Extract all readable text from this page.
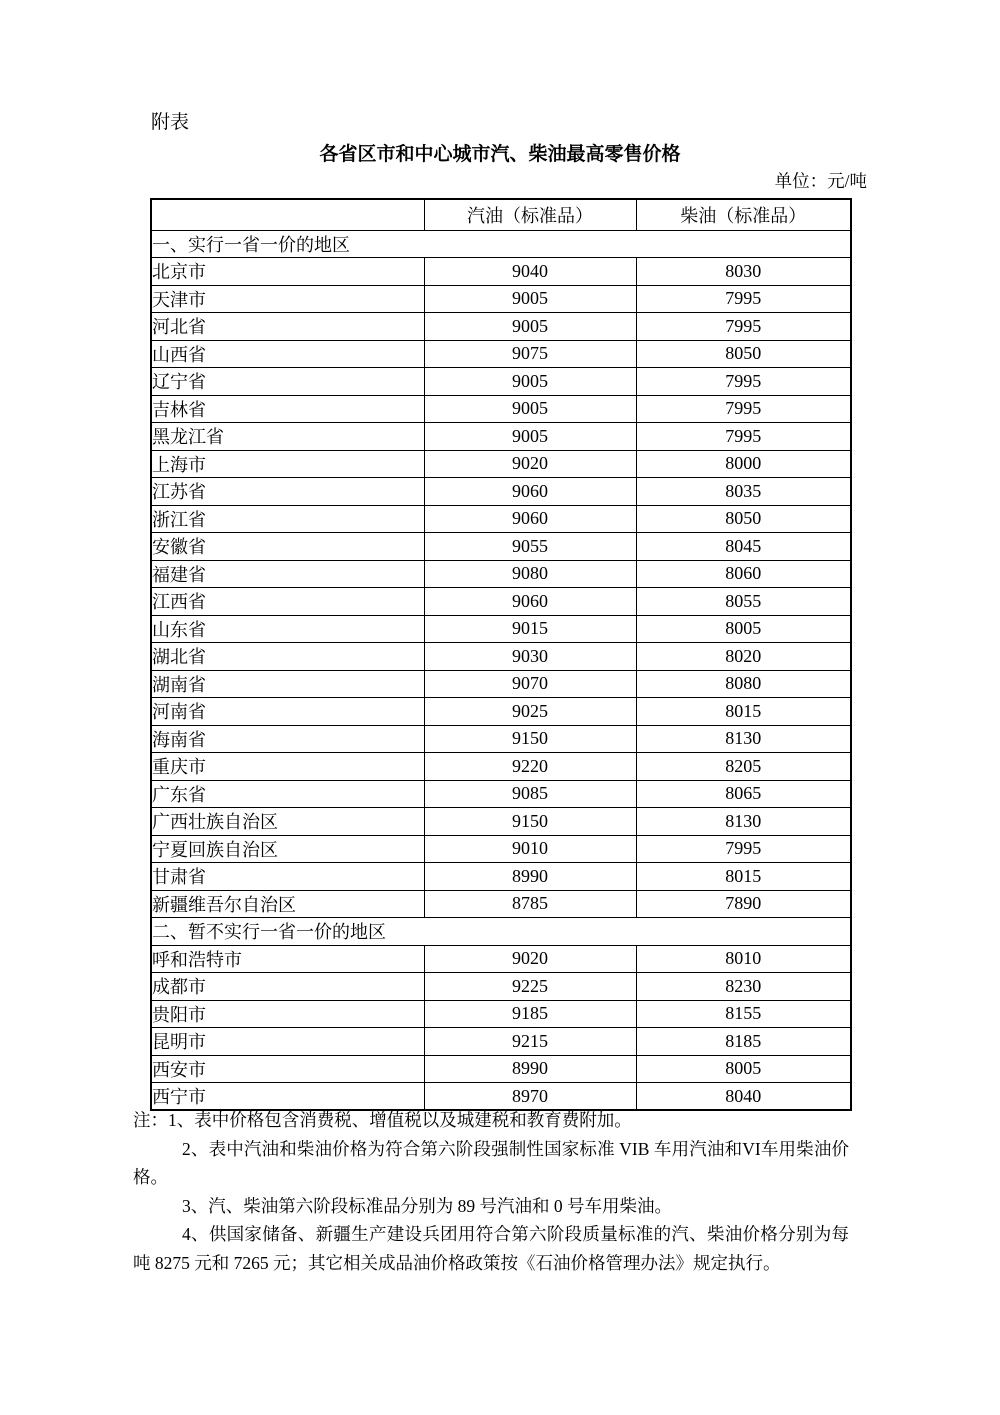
附表
各省区市和中心城市汽、柴油最高零售价格
单位：元/吨
	汽油（标准品）	柴油（标准品）
一、实行一省一价的地区		
北京市	9040	8030
天津市	9005	7995
河北省	9005	7995
山西省	9075	8050
辽宁省	9005	7995
吉林省	9005	7995
黑龙江省	9005	7995
上海市	9020	8000
江苏省	9060	8035
浙江省	9060	8050
安徽省	9055	8045
福建省	9080	8060
江西省	9060	8055
山东省	9015	8005
湖北省	9030	8020
湖南省	9070	8080
河南省	9025	8015
海南省	9150	8130
重庆市	9220	8205
广东省	9085	8065
广西壮族自治区	9150	8130
宁夏回族自治区	9010	7995
甘肃省	8990	8015
新疆维吾尔自治区	8785	7890
二、暂不实行一省一价的地区		
呼和浩特市	9020	8010
成都市	9225	8230
贵阳市	9185	8155
昆明市	9215	8185
西安市	8990	8005
西宁市	8970	8040

注：1、表中价格包含消费税、增值税以及城建税和教育费附加。

2、表中汽油和柴油价格为符合第六阶段强制性国家标准 VIB 车用汽油和VI车用柴油价格。

3、汽、柴油第六阶段标准品分别为 89 号汽油和 0 号车用柴油。

4、供国家储备、新疆生产建设兵团用符合第六阶段质量标准的汽、柴油价格分别为每吨 8275 元和 7265 元；其它相关成品油价格政策按《石油价格管理办法》规定执行。
